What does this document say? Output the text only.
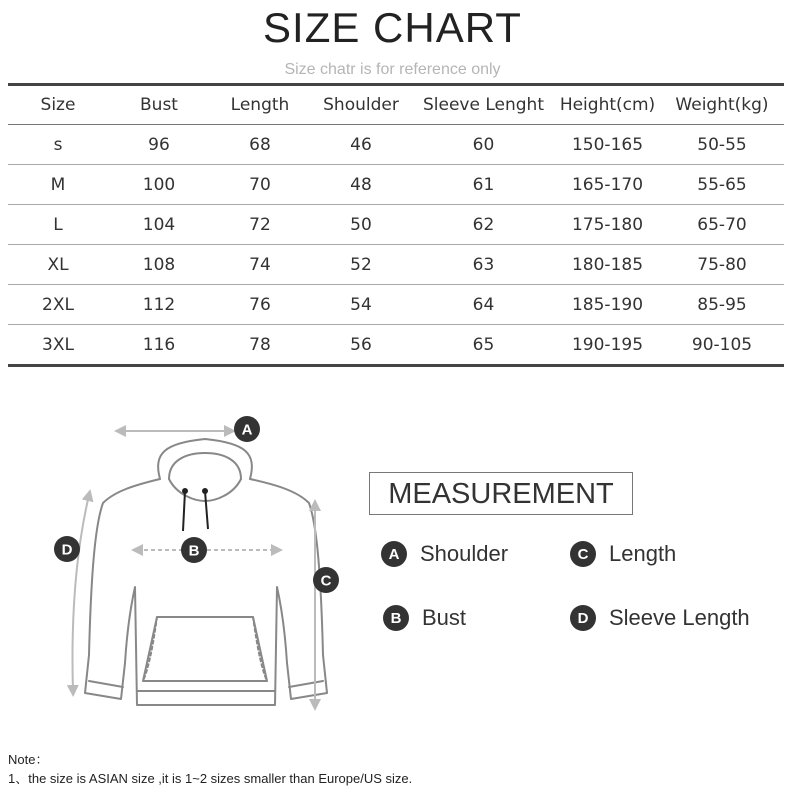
SIZE CHART
Size chatr is for reference only
Size	Bust	Length	Shoulder	Sleeve Lenght	Height(cm)	Weight(kg)
s	96	68	46	60	150-165	50-55
M	100	70	48	61	165-170	55-65
L	104	72	50	62	175-180	65-70
XL	108	74	52	63	180-185	75-80
2XL	112	76	54	64	185-190	85-95
3XL	116	78	56	65	190-195	90-105
A
B
C
D
MEASUREMENT
A Shoulder	C Length
B Bust	D Sleeve Length
Note：
1、the size is ASIAN size ,it is 1~2 sizes smaller than Europe/US size.
